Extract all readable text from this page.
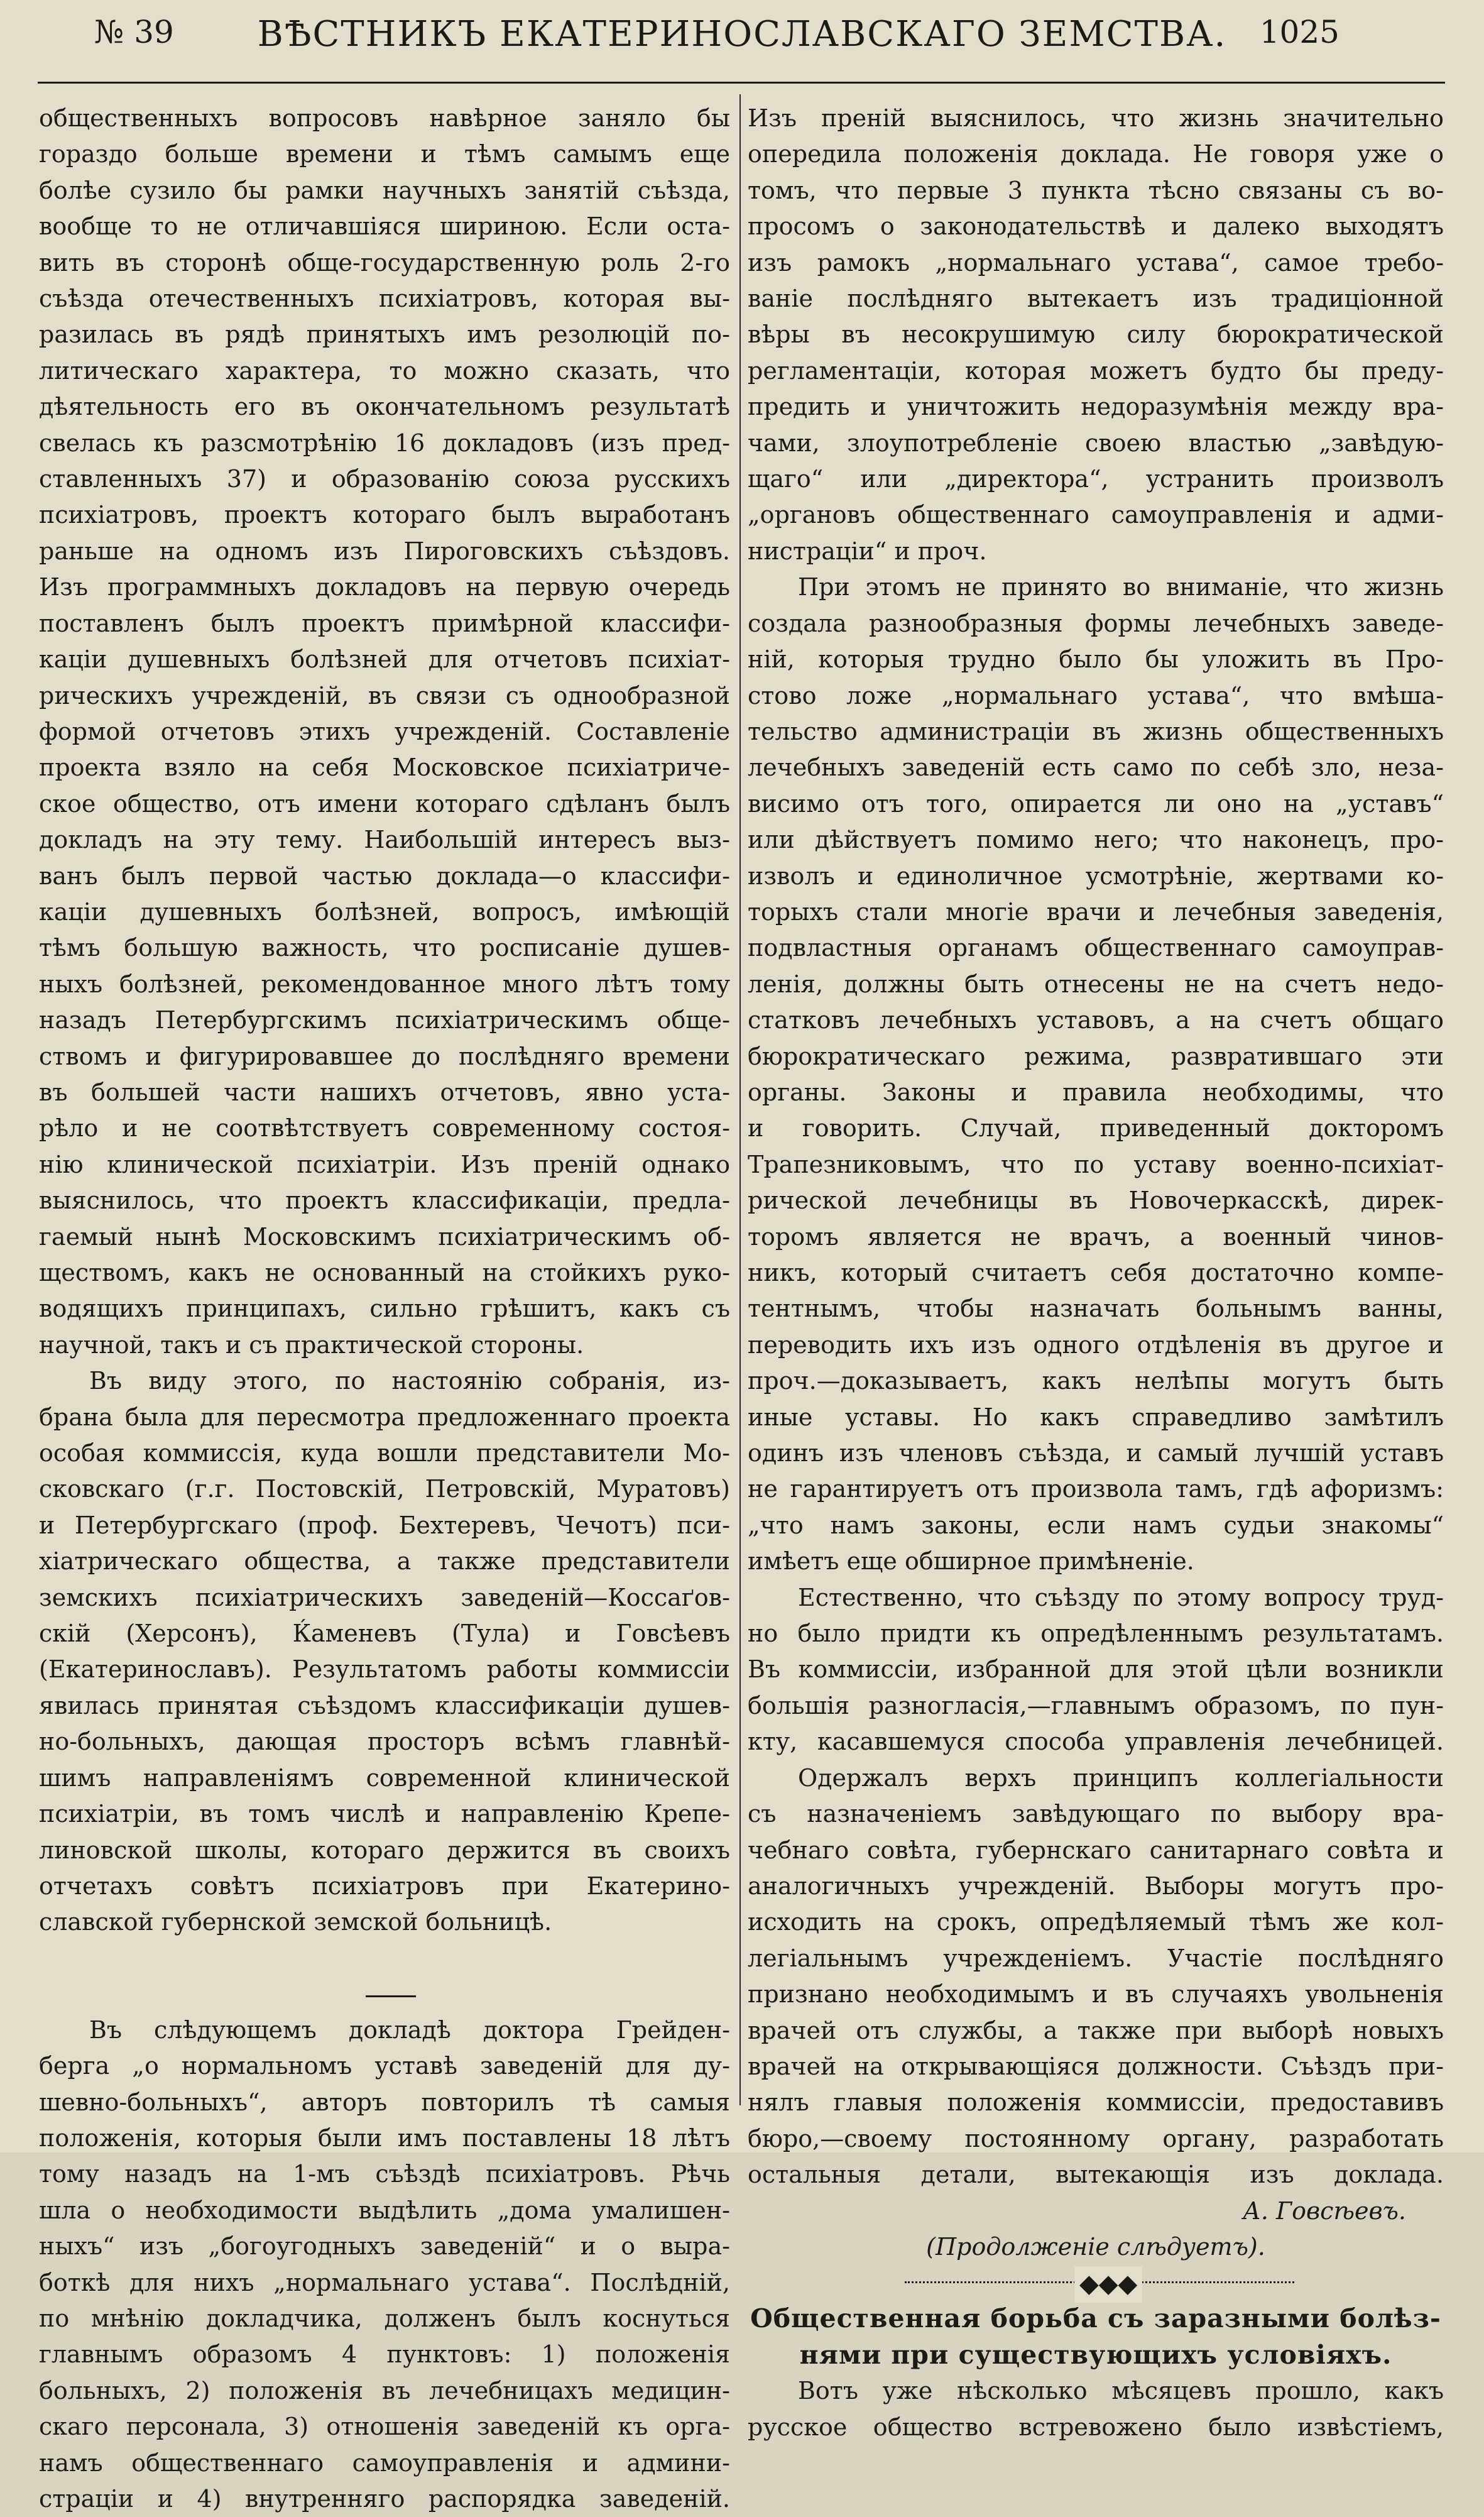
№ 39	ВѢСТНИКЪ ЕКАТЕРИНОСЛАВСКАГО ЗЕМСТВА.	1025
общественныхъ вопросовъ навѣрное заняло бы
гораздо больше времени и тѣмъ самымъ еще
болѣе сузило бы рамки научныхъ занятій съѣзда,
вообще то не отличавшіяся шириною. Если оста-
вить въ сторонѣ обще-государственную роль 2-го
съѣзда отечественныхъ психіатровъ, которая вы-
разилась въ рядѣ принятыхъ имъ резолюцій по-
литическаго характера, то можно сказать, что
дѣятельность его въ окончательномъ результатѣ
свелась къ разсмотрѣнію 16 докладовъ (изъ пред-
ставленныхъ 37) и образованію союза русскихъ
психіатровъ, проектъ котораго былъ выработанъ
раньше на одномъ изъ Пироговскихъ съѣздовъ.
Изъ программныхъ докладовъ на первую очередь
поставленъ былъ проектъ примѣрной классифи-
каціи душевныхъ болѣзней для отчетовъ психіат-
рическихъ учрежденій, въ связи съ однообразной
формой отчетовъ этихъ учрежденій. Составленіе
проекта взяло на себя Московское психіатриче-
ское общество, отъ имени котораго сдѣланъ былъ
докладъ на эту тему. Наибольшій интересъ выз-
ванъ былъ первой частью доклада—о классифи-
каціи душевныхъ болѣзней, вопросъ, имѣющій
тѣмъ большую важность, что росписаніе душев-
ныхъ болѣзней, рекомендованное много лѣтъ тому
назадъ Петербургскимъ психіатрическимъ обще-
ствомъ и фигурировавшее до послѣдняго времени
въ большей части нашихъ отчетовъ, явно уста-
рѣло и не соотвѣтствуетъ современному состоя-
нію клинической психіатріи. Изъ преній однако
выяснилось, что проектъ классификаціи, предла-
гаемый нынѣ Московскимъ психіатрическимъ об-
ществомъ, какъ не основанный на стойкихъ руко-
водящихъ принципахъ, сильно грѣшитъ, какъ съ
научной, такъ и съ практической стороны.
Въ виду этого, по настоянію собранія, из-
брана была для пересмотра предложеннаго проекта
особая коммиссія, куда вошли представители Мо-
сковскаго (г.г. Постовскій, Петровскій, Муратовъ)
и Петербургскаго (проф. Бехтеревъ, Чечотъ) пси-
хіатрическаго общества, а также представители
земскихъ психіатрическихъ заведеній—Коссаґов-
скій (Херсонъ), Ќаменевъ (Тула) и Говсѣевъ
(Екатеринославъ). Результатомъ работы коммиссіи
явилась принятая съѣздомъ классификаціи душев-
но-больныхъ, дающая просторъ всѣмъ главнѣй-
шимъ направленіямъ современной клинической
психіатріи, въ томъ числѣ и направленію Крепе-
линовской школы, котораго держится въ своихъ
отчетахъ совѣтъ психіатровъ при Екатерино-
славской губернской земской больницѣ.
Въ слѣдующемъ докладѣ доктора Грейден-
берга „о нормальномъ уставѣ заведеній для ду-
шевно-больныхъ“, авторъ повторилъ тѣ самыя
положенія, которыя были имъ поставлены 18 лѣтъ
тому назадъ на 1-мъ съѣздѣ психіатровъ. Рѣчь
шла о необходимости выдѣлить „дома умалишен-
ныхъ“ изъ „богоугодныхъ заведеній“ и о выра-
боткѣ для нихъ „нормальнаго устава“. Послѣдній,
по мнѣнію докладчика, долженъ былъ коснуться
главнымъ образомъ 4 пунктовъ: 1) положенія
больныхъ, 2) положенія въ лечебницахъ медицин-
скаго персонала, 3) отношенія заведеній къ орга-
намъ общественнаго самоуправленія и админи-
страціи и 4) внутренняго распорядка заведеній.
Изъ преній выяснилось, что жизнь значительно
опередила положенія доклада. Не говоря уже о
томъ, что первые 3 пункта тѣсно связаны съ во-
просомъ о законодательствѣ и далеко выходятъ
изъ рамокъ „нормальнаго устава“, самое требо-
ваніе послѣдняго вытекаетъ изъ традиціонной
вѣры въ несокрушимую силу бюрократической
регламентаціи, которая можетъ будто бы преду-
предить и уничтожить недоразумѣнія между вра-
чами, злоупотребленіе своею властью „завѣдую-
щаго“ или „директора“, устранить произволъ
„органовъ общественнаго самоуправленія и адми-
нистраціи“ и проч.
При этомъ не принято во вниманіе, что жизнь
создала разнообразныя формы лечебныхъ заведе-
ній, которыя трудно было бы уложить въ Про-
стово ложе „нормальнаго устава“, что вмѣша-
тельство администраціи въ жизнь общественныхъ
лечебныхъ заведеній есть само по себѣ зло, неза-
висимо отъ того, опирается ли оно на „уставъ“
или дѣйствуетъ помимо него; что наконецъ, про-
изволъ и единоличное усмотрѣніе, жертвами ко-
торыхъ стали многіе врачи и лечебныя заведенія,
подвластныя органамъ общественнаго самоуправ-
ленія, должны быть отнесены не на счетъ недо-
статковъ лечебныхъ уставовъ, а на счетъ общаго
бюрократическаго режима, развратившаго эти
органы. Законы и правила необходимы, что
и говорить. Случай, приведенный докторомъ
Трапезниковымъ, что по уставу военно-психіат-
рической лечебницы въ Новочеркасскѣ, дирек-
торомъ является не врачъ, а военный чинов-
никъ, который считаетъ себя достаточно компе-
тентнымъ, чтобы назначать больнымъ ванны,
переводить ихъ изъ одного отдѣленія въ другое и
проч.—доказываетъ, какъ нелѣпы могутъ быть
иные уставы. Но какъ справедливо замѣтилъ
одинъ изъ членовъ съѣзда, и самый лучшій уставъ
не гарантируетъ отъ произвола тамъ, гдѣ афоризмъ:
„что намъ законы, если намъ судьи знакомы“
имѣетъ еще обширное примѣненіе.
Естественно, что съѣзду по этому вопросу труд-
но было придти къ опредѣленнымъ результатамъ.
Въ коммиссіи, избранной для этой цѣли возникли
большія разногласія,—главнымъ образомъ, по пун-
кту, касавшемуся способа управленія лечебницей.
Одержалъ верхъ принципъ коллегіальности
съ назначеніемъ завѣдующаго по выбору вра-
чебнаго совѣта, губернскаго санитарнаго совѣта и
аналогичныхъ учрежденій. Выборы могутъ про-
исходить на срокъ, опредѣляемый тѣмъ же кол-
легіальнымъ учрежденіемъ. Участіе послѣдняго
признано необходимымъ и въ случаяхъ увольненія
врачей отъ службы, а также при выборѣ новыхъ
врачей на открывающіяся должности. Съѣздъ при-
нялъ главыя положенія коммиссіи, предоставивъ
бюро,—своему постоянному органу, разработать
остальныя детали, вытекающія изъ доклада.
А. Говсѣевъ.
(Продолженіе слѣдуетъ).
◆◆◆
Общественная борьба съ заразными болѣз-
нями при существующихъ условіяхъ.
Вотъ уже нѣсколько мѣсяцевъ прошло, какъ
русское общество встревожено было извѣстіемъ,
